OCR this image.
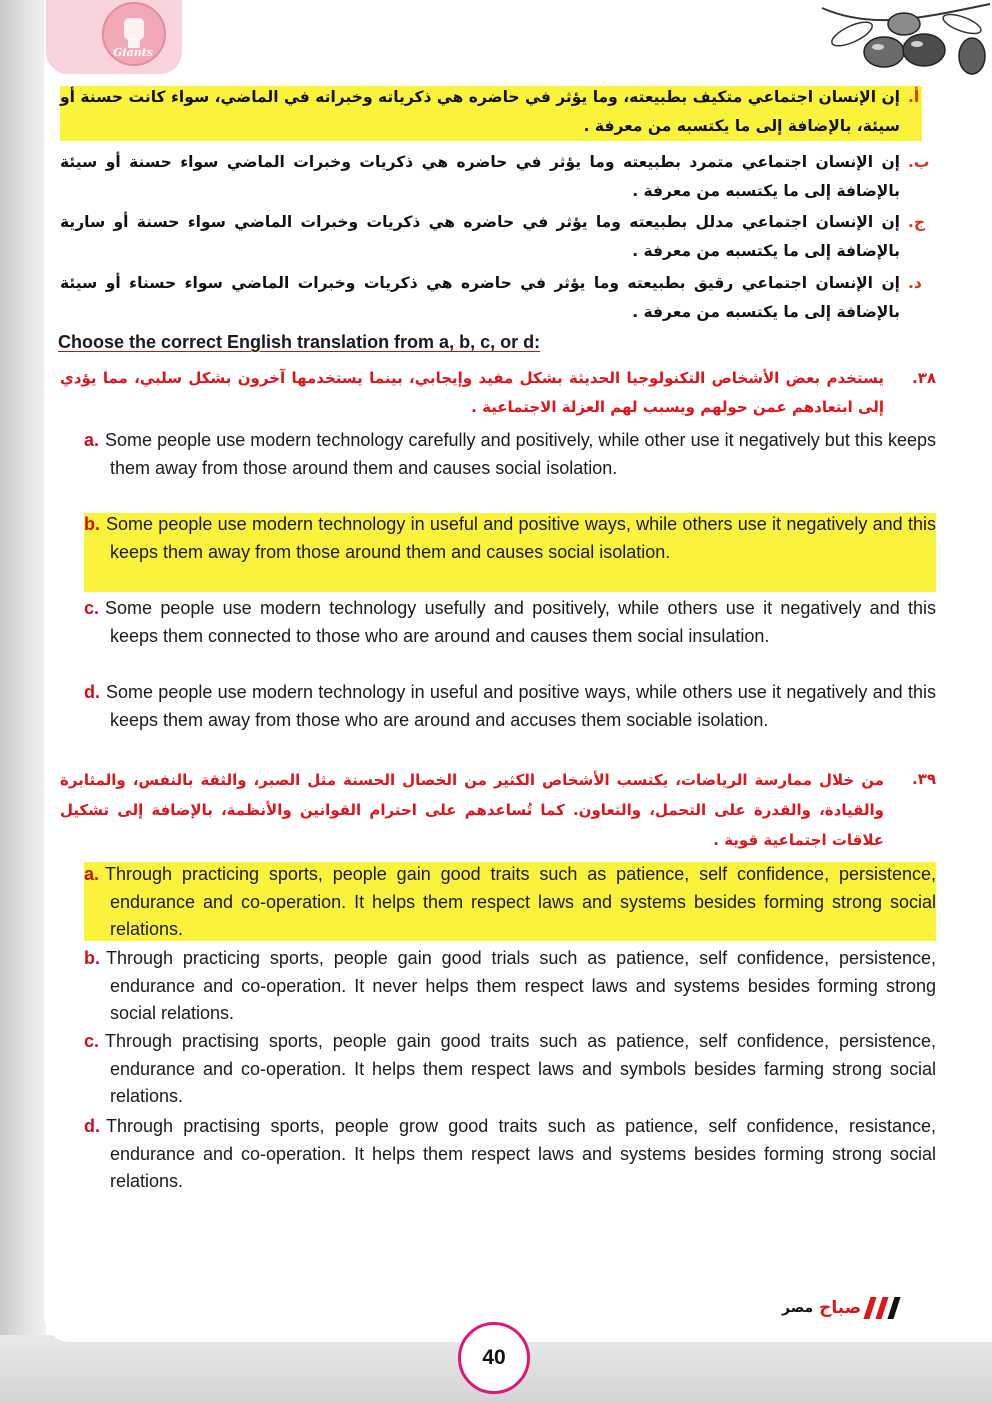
Giants
أ.
إن الإنسان اجتماعي متكيف بطبيعته، وما يؤثر في حاضره هي ذكرياته وخبراته في الماضي، سواء كانت حسنة أو سيئة، بالإضافة إلى ما يكتسبه من معرفة .
ب.
إن الإنسان اجتماعي متمرد بطبيعته وما يؤثر في حاضره هي ذكريات وخبرات الماضي سواء حسنة أو سيئة بالإضافة إلى ما يكتسبه من معرفة .
ج.
إن الإنسان اجتماعي مدلل بطبيعته وما يؤثر في حاضره هي ذكريات وخبرات الماضي سواء حسنة أو سارية بالإضافة إلى ما يكتسبه من معرفة .
د.
إن الإنسان اجتماعي رقيق بطبيعته وما يؤثر في حاضره هي ذكريات وخبرات الماضي سواء حسناء أو سيئة بالإضافة إلى ما يكتسبه من معرفة .
Choose the correct English translation from a, b, c, or d:
٣٨.
يستخدم بعض الأشخاص التكنولوجيا الحديثة بشكل مفيد وإيجابي، بينما يستخدمها آخرون بشكل سلبي، مما يؤدي إلى ابتعادهم عمن حولهم ويسبب لهم العزلة الاجتماعية .
a. Some people use modern technology carefully and positively, while other use it negatively but this keeps them away from those around them and causes social isolation.
b. Some people use modern technology in useful and positive ways, while others use it negatively and this keeps them away from those around them and causes social isolation.
c. Some people use modern technology usefully and positively, while others use it negatively and this keeps them connected to those who are around and causes them social insulation.
d. Some people use modern technology in useful and positive ways, while others use it negatively and this keeps them away from those who are around and accuses them sociable isolation.
٣٩.
من خلال ممارسة الرياضات، يكتسب الأشخاص الكثير من الخصال الحسنة مثل الصبر، والثقة بالنفس، والمثابرة والقيادة، والقدرة على التحمل، والتعاون. كما تُساعدهم على احترام القوانين والأنظمة، بالإضافة إلى تشكيل علاقات اجتماعية قوية .
a. Through practicing sports, people gain good traits such as patience, self confidence, persistence, endurance and co-operation. It helps them respect laws and systems besides forming strong social relations.
b. Through practicing sports, people gain good trials such as patience, self confidence, persistence, endurance and co-operation. It never helps them respect laws and systems besides forming strong social relations.
c. Through practising sports, people gain good traits such as patience, self confidence, persistence, endurance and co-operation. It helps them respect laws and symbols besides farming strong social relations.
d. Through practising sports, people grow good traits such as patience, self confidence, resistance, endurance and co-operation. It helps them respect laws and systems besides forming strong social relations.
مصر صباح
40
